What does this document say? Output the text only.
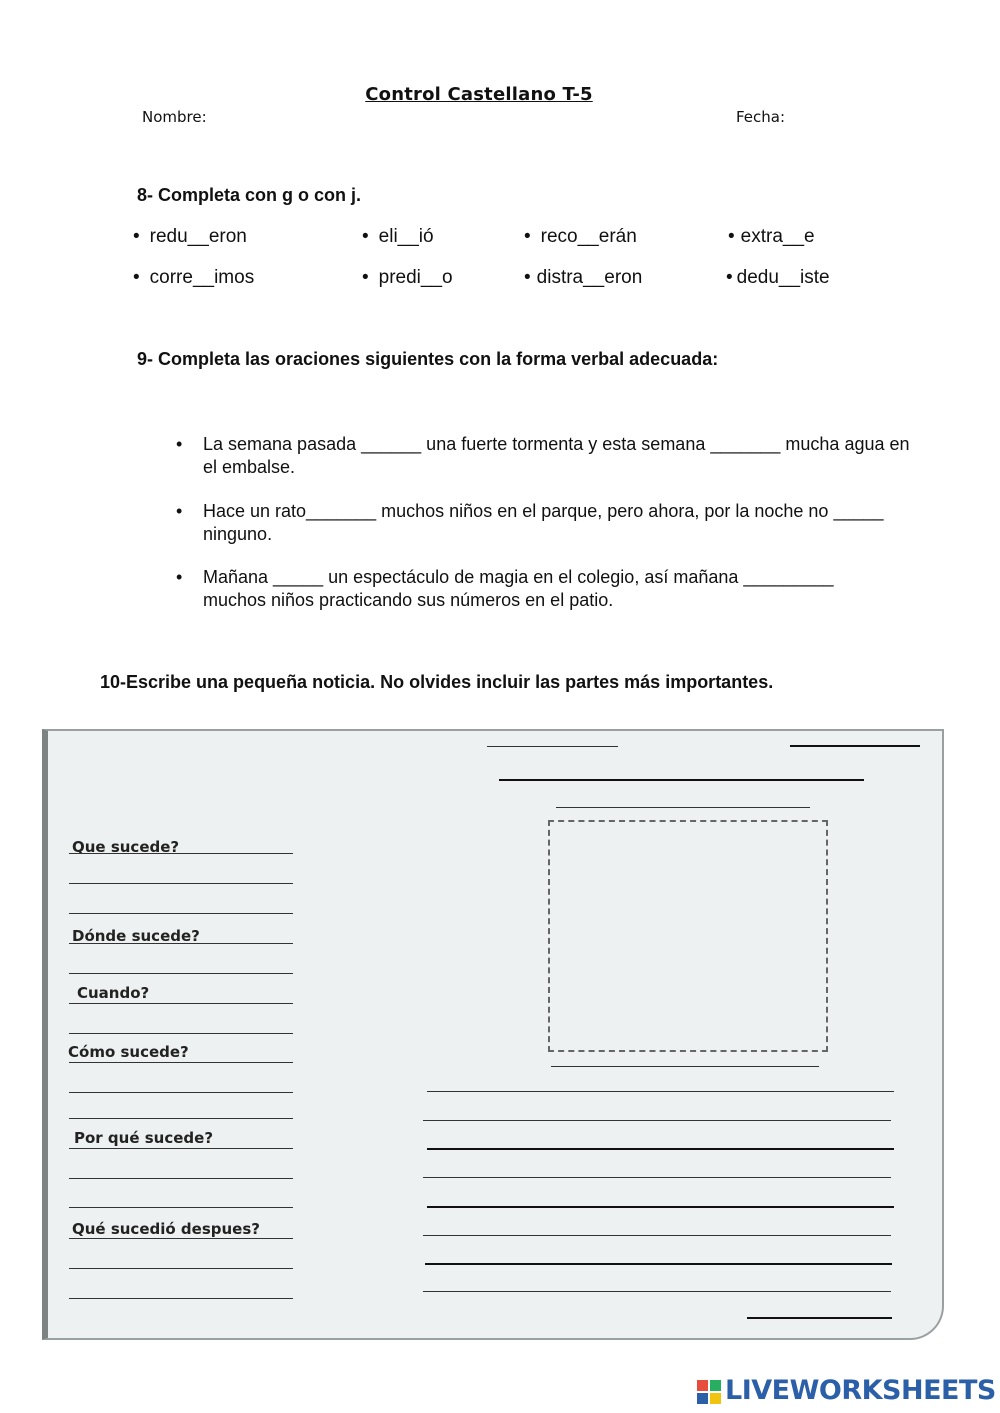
Control Castellano T-5
Nombre:	Fecha:
8- Completa con g o con j.
• redu__eron	• eli__ió	• reco__erán	• extra__e
• corre__imos	• predi__o	• distra__eron	• dedu__iste
9- Completa las oraciones siguientes con la forma verbal adecuada:
• La semana pasada ______ una fuerte tormenta y esta semana _______ mucha agua en el embalse.
• Hace un rato_______ muchos niños en el parque, pero ahora, por la noche no _____ ninguno.
• Mañana _____ un espectáculo de magia en el colegio, así mañana _________ muchos niños practicando sus números en el patio.
10-Escribe una pequeña noticia. No olvides incluir las partes más importantes.
Que sucede?
Dónde sucede?
Cuando?
Cómo sucede?
Por qué sucede?
Qué sucedió despues?
LIVEWORKSHEETS
